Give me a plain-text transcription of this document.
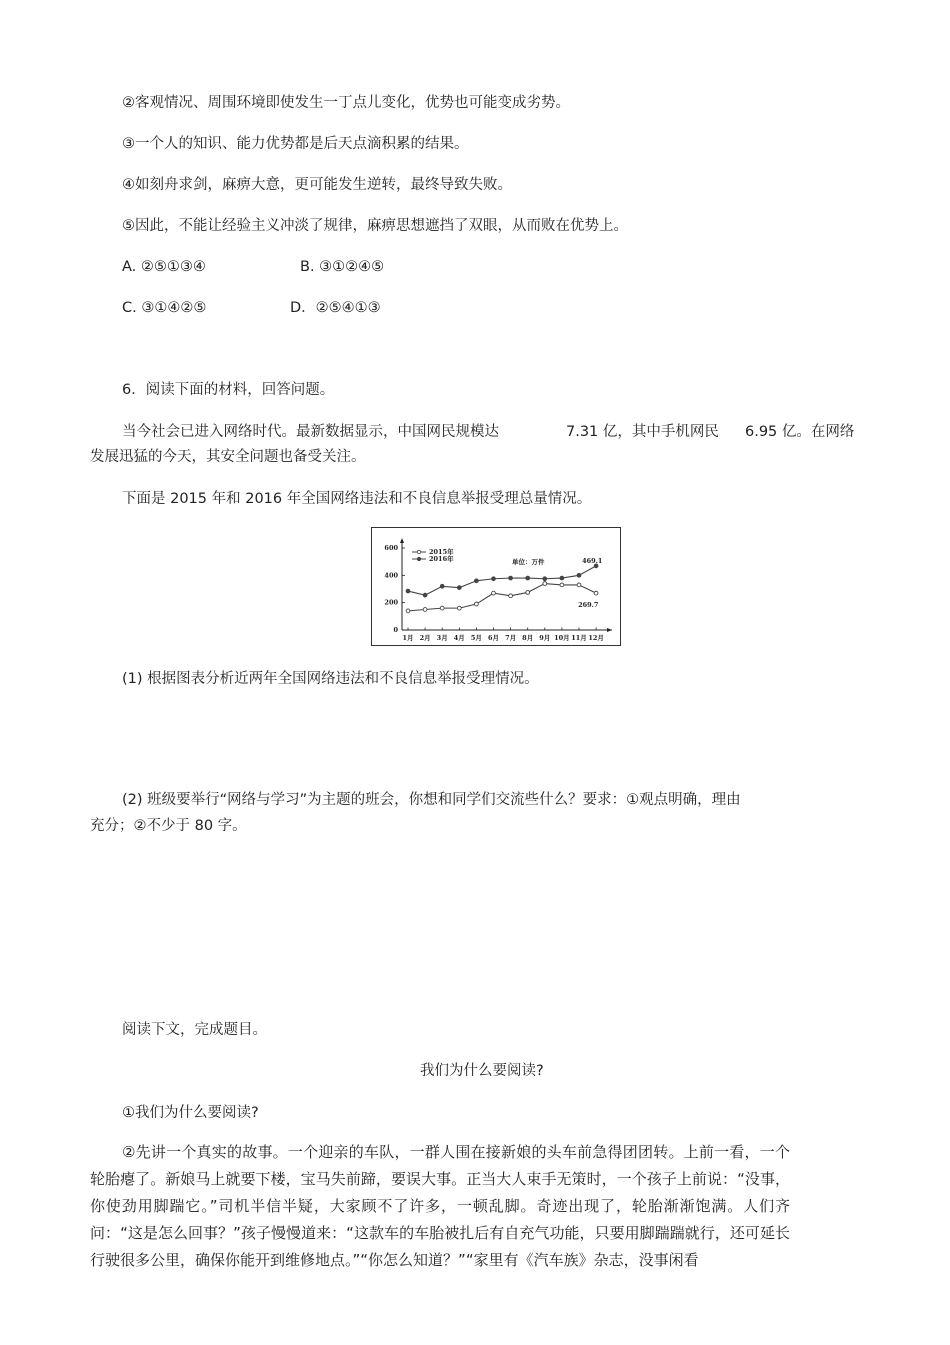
②客观情况、周围环境即使发生一丁点儿变化，优势也可能变成劣势。
③一个人的知识、能力优势都是后天点滴积累的结果。
④如刻舟求剑，麻痹大意，更可能发生逆转，最终导致失败。
⑤因此，不能让经验主义冲淡了规律，麻痹思想遮挡了双眼，从而败在优势上。
A. ②⑤①③④	B. ③①②④⑤
C. ③①④②⑤	D．②⑤④①③
6．阅读下面的材料，回答问题。
当今社会已进入网络时代。最新数据显示，中国网民规模达	7.31 亿，其中手机网民 6.95 亿。在网络
发展迅猛的今天，其安全问题也备受关注。
下面是 2015 年和 2016 年全国网络违法和不良信息举报受理总量情况。
0
200
400
600
1月 2月 3月 4月 5月 6月 7月 8月 9月 10月 11月 12月
2015年
2016年	单位：万件	469.1
269.7
(1) 根据图表分析近两年全国网络违法和不良信息举报受理情况。
(2) 班级要举行“网络与学习”为主题的班会，你想和同学们交流些什么？要求：①观点明确，理由
充分；②不少于 80 字。
阅读下文，完成题目。
我们为什么要阅读?
①我们为什么要阅读?
②先讲一个真实的故事。一个迎亲的车队，一群人围在接新娘的头车前急得团团转。上前一看，一个轮胎瘪了。新娘马上就要下楼，宝马失前蹄，要误大事。正当大人束手无策时，一个孩子上前说：“没事，你使劲用脚踹它。”司机半信半疑，大家顾不了许多，一顿乱脚。奇迹出现了，轮胎渐渐饱满。人们齐问：“这是怎么回事？”孩子慢慢道来：“这款车的车胎被扎后有自充气功能，只要用脚踹踹就行，还可延长行驶很多公里，确保你能开到维修地点。”“你怎么知道？”“家里有《汽车族》杂志，没事闲看
